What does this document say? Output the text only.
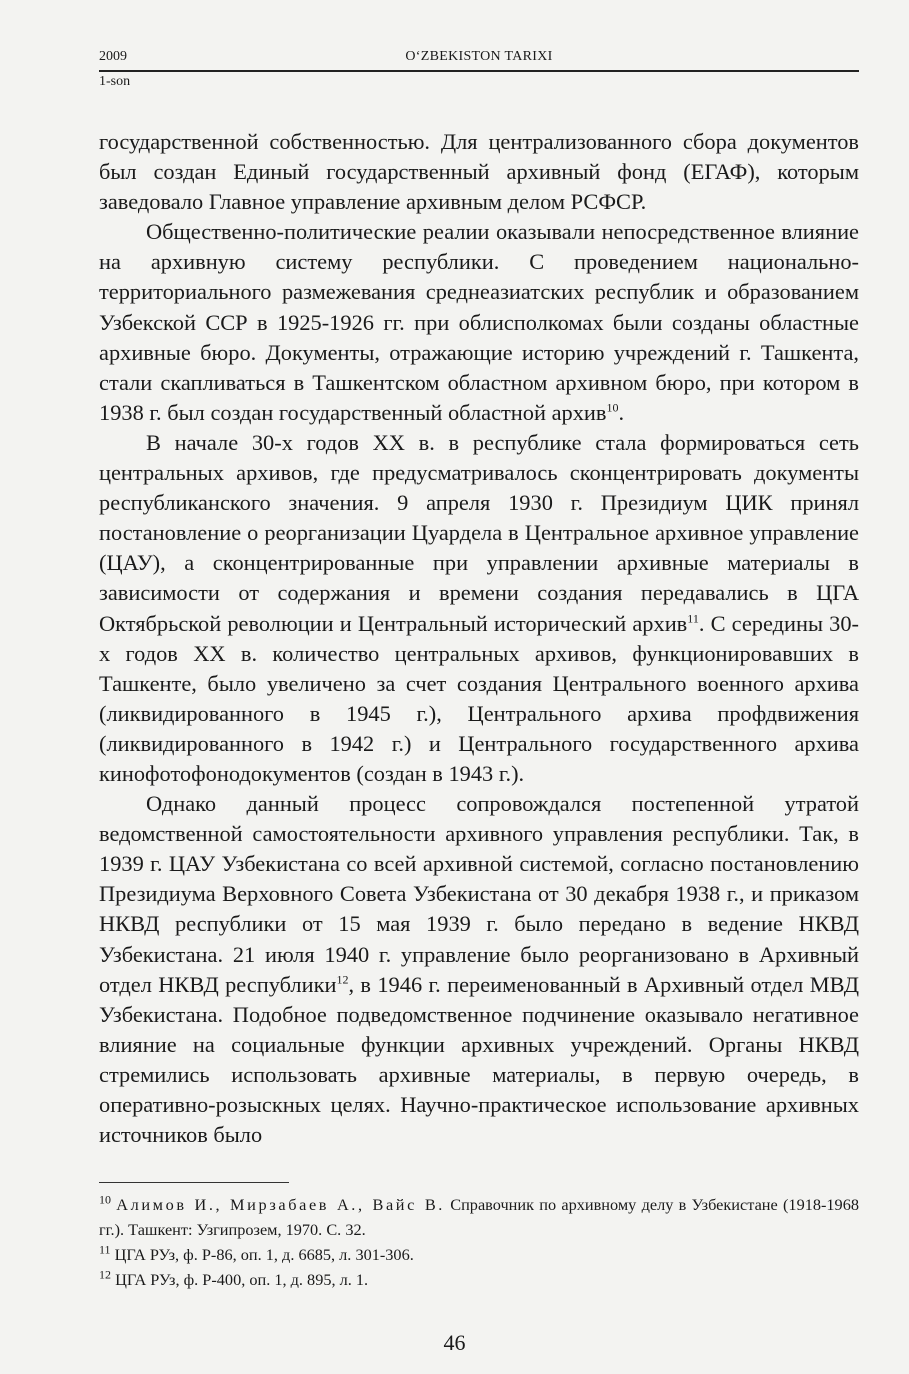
2009	O‘ZBEKISTON TARIXI
1-son

государственной собственностью. Для централизованного сбора документов был создан Единый государственный архивный фонд (ЕГАФ), которым заведовало Главное управление архивным делом РСФСР.

Общественно-политические реалии оказывали непосредственное влияние на архивную систему республики. С проведением национально-территориального размежевания среднеазиатских республик и образованием Узбекской ССР в 1925-1926 гг. при облисполкомах были созданы областные архивные бюро. Документы, отражающие историю учреждений г. Ташкента, стали скапливаться в Ташкентском областном архивном бюро, при котором в 1938 г. был создан государственный областной архив$^{10}$.

В начале 30-х годов XX в. в республике стала формироваться сеть центральных архивов, где предусматривалось сконцентрировать документы республиканского значения. 9 апреля 1930 г. Президиум ЦИК принял постановление о реорганизации Цуардела в Центральное архивное управление (ЦАУ), а сконцентрированные при управлении архивные материалы в зависимости от содержания и времени создания передавались в ЦГА Октябрьской революции и Центральный исторический архив$^{11}$. С середины 30-х годов XX в. количество центральных архивов, функционировавших в Ташкенте, было увеличено за счет создания Центрального военного архива (ликвидированного в 1945 г.), Центрального архива профдвижения (ликвидированного в 1942 г.) и Центрального государственного архива кинофотофонодокументов (создан в 1943 г.).

Однако данный процесс сопровождался постепенной утратой ведомственной самостоятельности архивного управления республики. Так, в 1939 г. ЦАУ Узбекистана со всей архивной системой, согласно постановлению Президиума Верховного Совета Узбекистана от 30 декабря 1938 г., и приказом НКВД республики от 15 мая 1939 г. было передано в ведение НКВД Узбекистана. 21 июля 1940 г. управление было реорганизовано в Архивный отдел НКВД республики$^{12}$, в 1946 г. переименованный в Архивный отдел МВД Узбекистана. Подобное подведомственное подчинение оказывало негативное влияние на социальные функции архивных учреждений. Органы НКВД стремились использовать архивные материалы, в первую очередь, в оперативно-розыскных целях. Научно-практическое использование архивных источников было

$^{10}$ Алимов И., Мирзабаев А., Вайс В. Справочник по архивному делу в Узбекистане (1918-1968 гг.). Ташкент: Узгипрозем, 1970. С. 32.

$^{11}$ ЦГА РУз, ф. Р-86, оп. 1, д. 6685, л. 301-306.

$^{12}$ ЦГА РУз, ф. Р-400, оп. 1, д. 895, л. 1.

46
